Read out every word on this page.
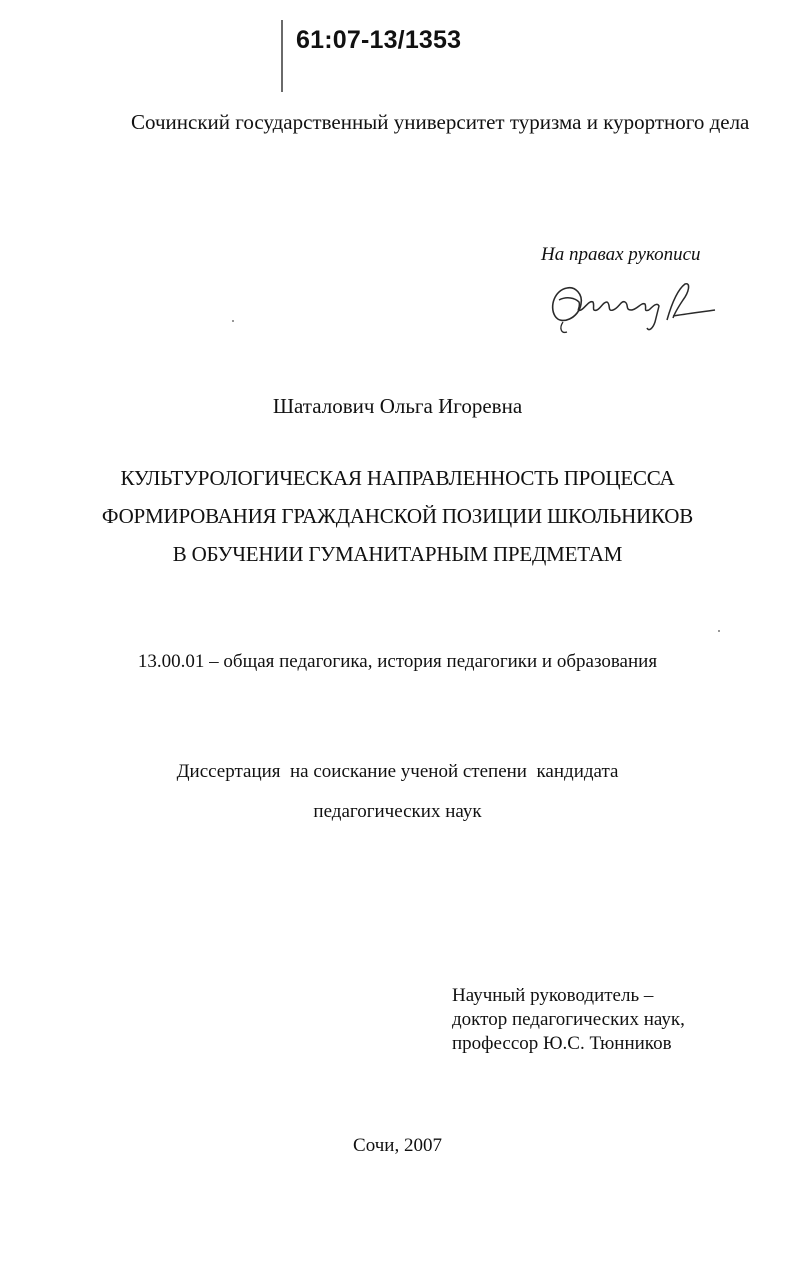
61:07-13/1353
Сочинский государственный университет туризма и курортного дела
На правах рукописи
Шаталович Ольга Игоревна
КУЛЬТУРОЛОГИЧЕСКАЯ НАПРАВЛЕННОСТЬ ПРОЦЕССА
ФОРМИРОВАНИЯ ГРАЖДАНСКОЙ ПОЗИЦИИ ШКОЛЬНИКОВ
В ОБУЧЕНИИ ГУМАНИТАРНЫМ ПРЕДМЕТАМ
13.00.01 – общая педагогика, история педагогики и образования
Диссертация  на соискание ученой степени  кандидата
педагогических наук
Научный руководитель –
доктор педагогических наук,
профессор Ю.С. Тюнников
Сочи, 2007
